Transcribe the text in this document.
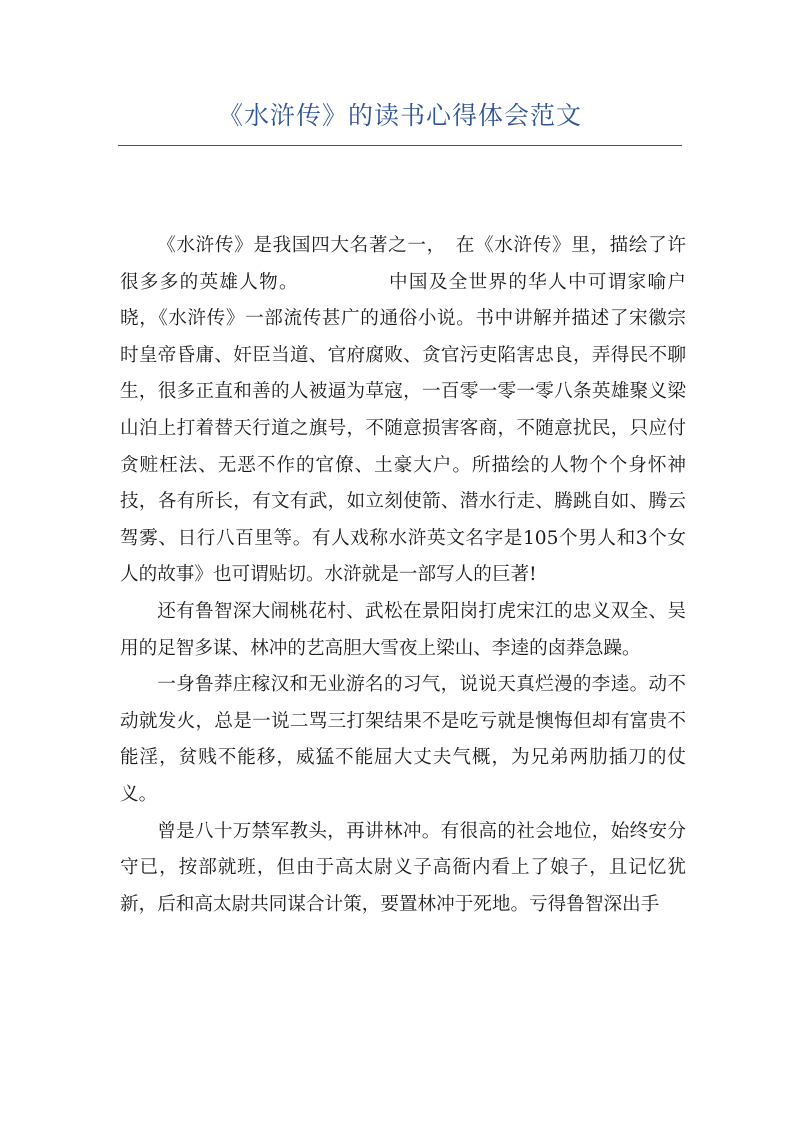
《水浒传》的读书心得体会范文

《水浒传》是我国四大名著之一，　在《水浒传》里，描绘了许很多多的英雄人物。　　　　　中国及全世界的华人中可谓家喻户晓，《水浒传》一部流传甚广的通俗小说。书中讲解并描述了宋徽宗时皇帝昏庸、奸臣当道、官府腐败、贪官污吏陷害忠良，弄得民不聊生，很多正直和善的人被逼为草寇，一百零一零一零八条英雄聚义梁山泊上打着替天行道之旗号，不随意损害客商，不随意扰民，只应付贪赃枉法、无恶不作的官僚、土豪大户。所描绘的人物个个身怀神技，各有所长，有文有武，如立刻使箭、潜水行走、腾跳自如、腾云驾雾、日行八百里等。有人戏称水浒英文名字是105个男人和3个女人的故事》也可谓贴切。水浒就是一部写人的巨著!

还有鲁智深大闹桃花村、武松在景阳岗打虎宋江的忠义双全、吴用的足智多谋、林冲的艺高胆大雪夜上梁山、李逵的卤莽急躁。

一身鲁莽庄稼汉和无业游名的习气，说说天真烂漫的李逵。动不动就发火，总是一说二骂三打架结果不是吃亏就是懊悔但却有富贵不能淫，贫贱不能移，威猛不能屈大丈夫气概，为兄弟两肋插刀的仗义。

曾是八十万禁军教头，再讲林冲。有很高的社会地位，始终安分守已，按部就班，但由于高太尉义子高衙内看上了娘子，且记忆犹新，后和高太尉共同谋合计策，要置林冲于死地。亏得鲁智深出手
